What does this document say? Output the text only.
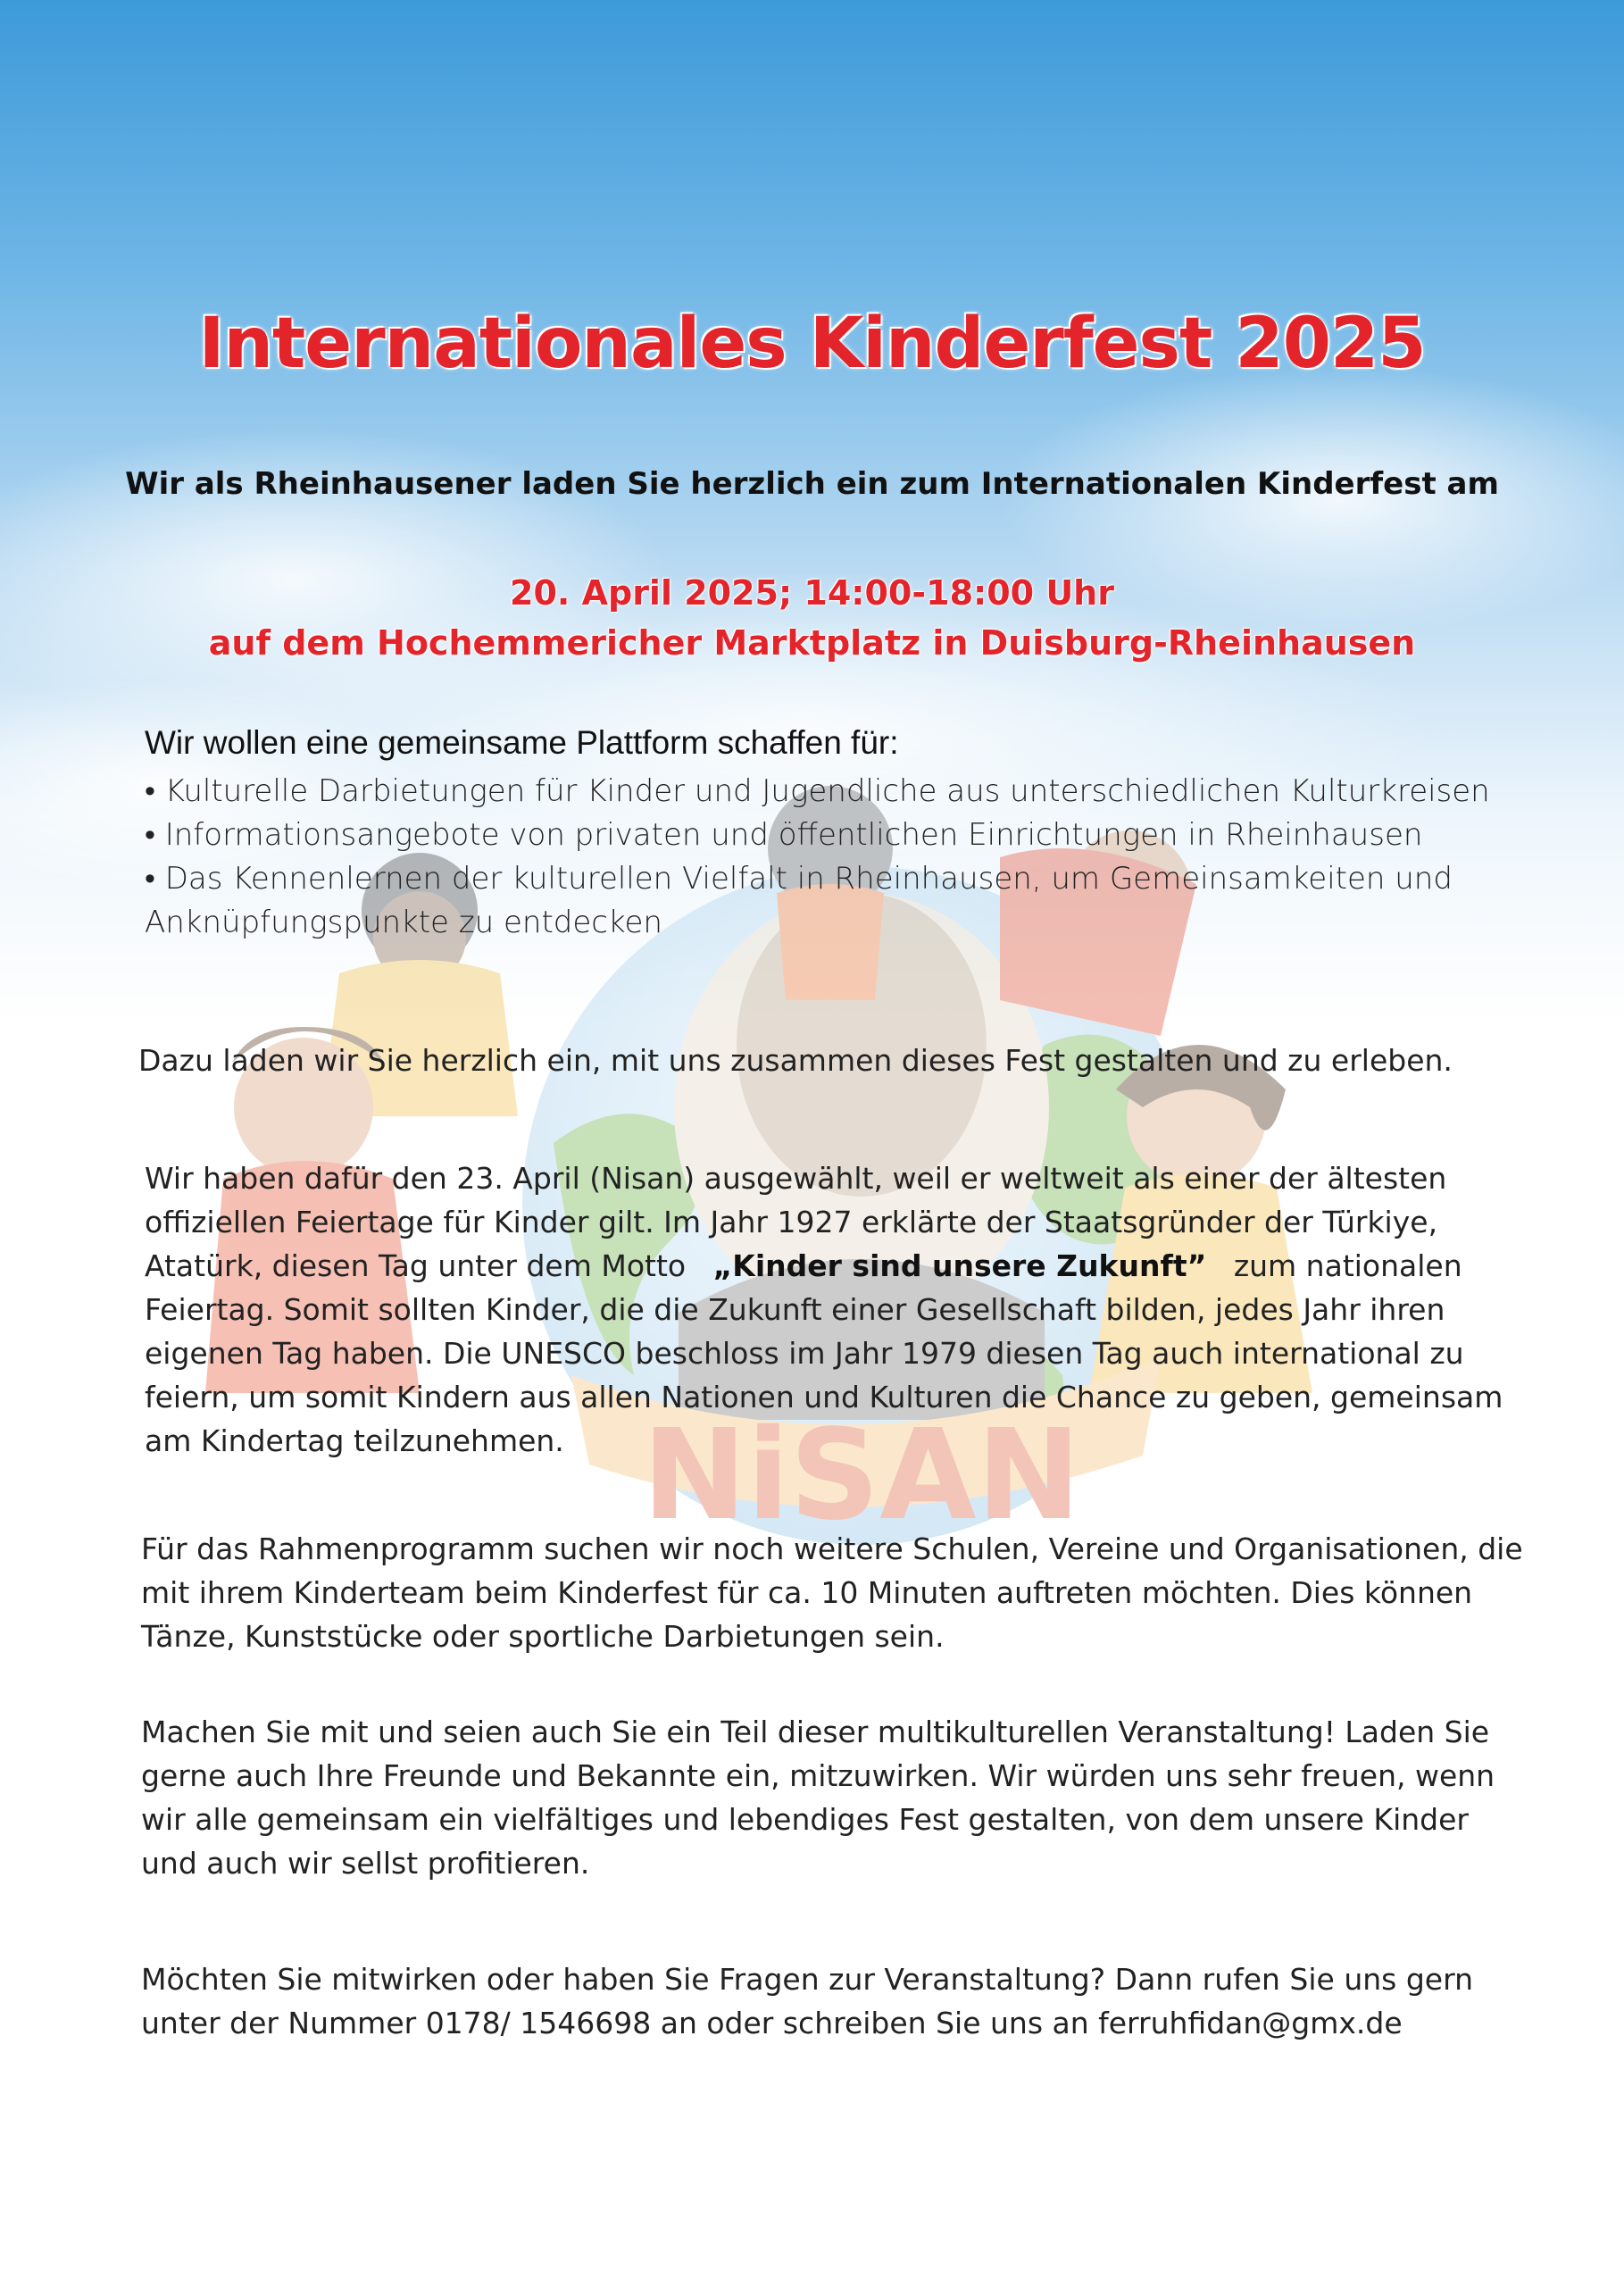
NiSAN
Internationales Kinderfest 2025
Wir als Rheinhausener laden Sie herzlich ein zum Internationalen Kinderfest am
20. April 2025; 14:00-18:00 Uhr
auf dem Hochemmericher Marktplatz in Duisburg-Rheinhausen
Wir wollen eine gemeinsame Plattform schaffen für:
• Kulturelle Darbietungen für Kinder und Jugendliche aus unterschiedlichen Kulturkreisen
• Informationsangebote von privaten und öffentlichen Einrichtungen in Rheinhausen
• Das Kennenlernen der kulturellen Vielfalt in Rheinhausen, um Gemeinsamkeiten und Anknüpfungspunkte zu entdecken
Dazu laden wir Sie herzlich ein, mit uns zusammen dieses Fest gestalten und zu erleben.
Wir haben dafür den 23. April (Nisan) ausgewählt, weil er weltweit als einer der ältesten offiziellen Feiertage für Kinder gilt. Im Jahr 1927 erklärte der Staatsgründer der Türkiye, Atatürk, diesen Tag unter dem Motto „Kinder sind unsere Zukunft” zum nationalen Feiertag. Somit sollten Kinder, die die Zukunft einer Gesellschaft bilden, jedes Jahr ihren eigenen Tag haben. Die UNESCO beschloss im Jahr 1979 diesen Tag auch international zu feiern, um somit Kindern aus allen Nationen und Kulturen die Chance zu geben, gemeinsam am Kindertag teilzunehmen.
Für das Rahmenprogramm suchen wir noch weitere Schulen, Vereine und Organisationen, die mit ihrem Kinderteam beim Kinderfest für ca. 10 Minuten auftreten möchten. Dies können Tänze, Kunststücke oder sportliche Darbietungen sein.
Machen Sie mit und seien auch Sie ein Teil dieser multikulturellen Veranstaltung! Laden Sie gerne auch Ihre Freunde und Bekannte ein, mitzuwirken. Wir würden uns sehr freuen, wenn wir alle gemeinsam ein vielfältiges und lebendiges Fest gestalten, von dem unsere Kinder und auch wir sellst profitieren.
Möchten Sie mitwirken oder haben Sie Fragen zur Veranstaltung? Dann rufen Sie uns gern unter der Nummer 0178/ 1546698 an oder schreiben Sie uns an ferruhfidan@gmx.de
